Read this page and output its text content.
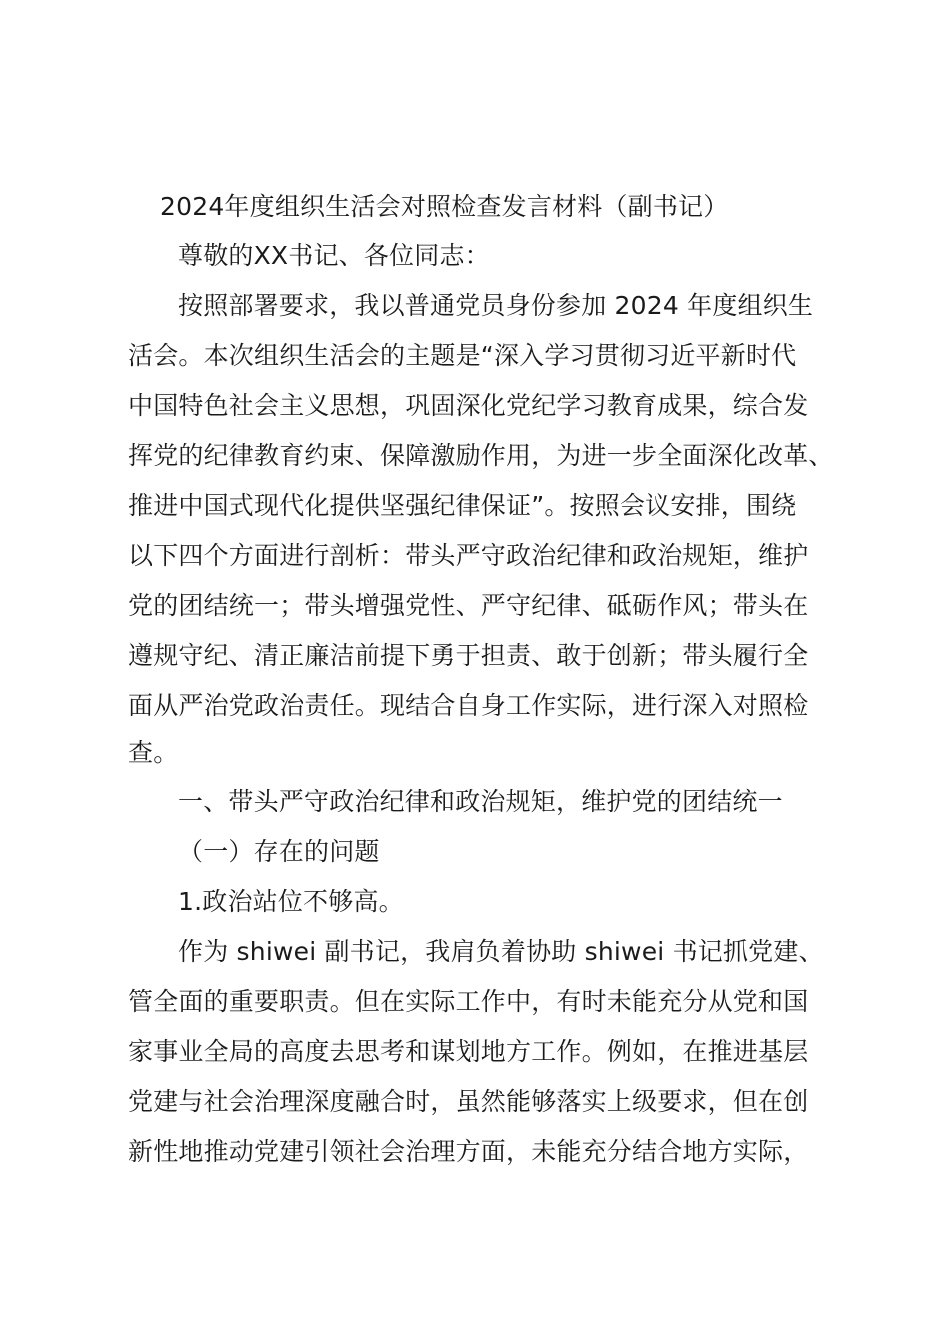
2024年度组织生活会对照检查发言材料（副书记）
尊敬的XX书记、各位同志：
按照部署要求，我以普通党员身份参加 2024 年度组织生
活会。本次组织生活会的主题是“深入学习贯彻习近平新时代
中国特色社会主义思想，巩固深化党纪学习教育成果，综合发
挥党的纪律教育约束、保障激励作用，为进一步全面深化改革、
推进中国式现代化提供坚强纪律保证”。按照会议安排，围绕
以下四个方面进行剖析：带头严守政治纪律和政治规矩，维护
党的团结统一；带头增强党性、严守纪律、砥砺作风；带头在
遵规守纪、清正廉洁前提下勇于担责、敢于创新；带头履行全
面从严治党政治责任。现结合自身工作实际，进行深入对照检
查。
一、带头严守政治纪律和政治规矩，维护党的团结统一
（一）存在的问题
1.政治站位不够高。
作为 shiwei 副书记，我肩负着协助 shiwei 书记抓党建、
管全面的重要职责。但在实际工作中，有时未能充分从党和国
家事业全局的高度去思考和谋划地方工作。例如，在推进基层
党建与社会治理深度融合时，虽然能够落实上级要求，但在创
新性地推动党建引领社会治理方面，未能充分结合地方实际，
